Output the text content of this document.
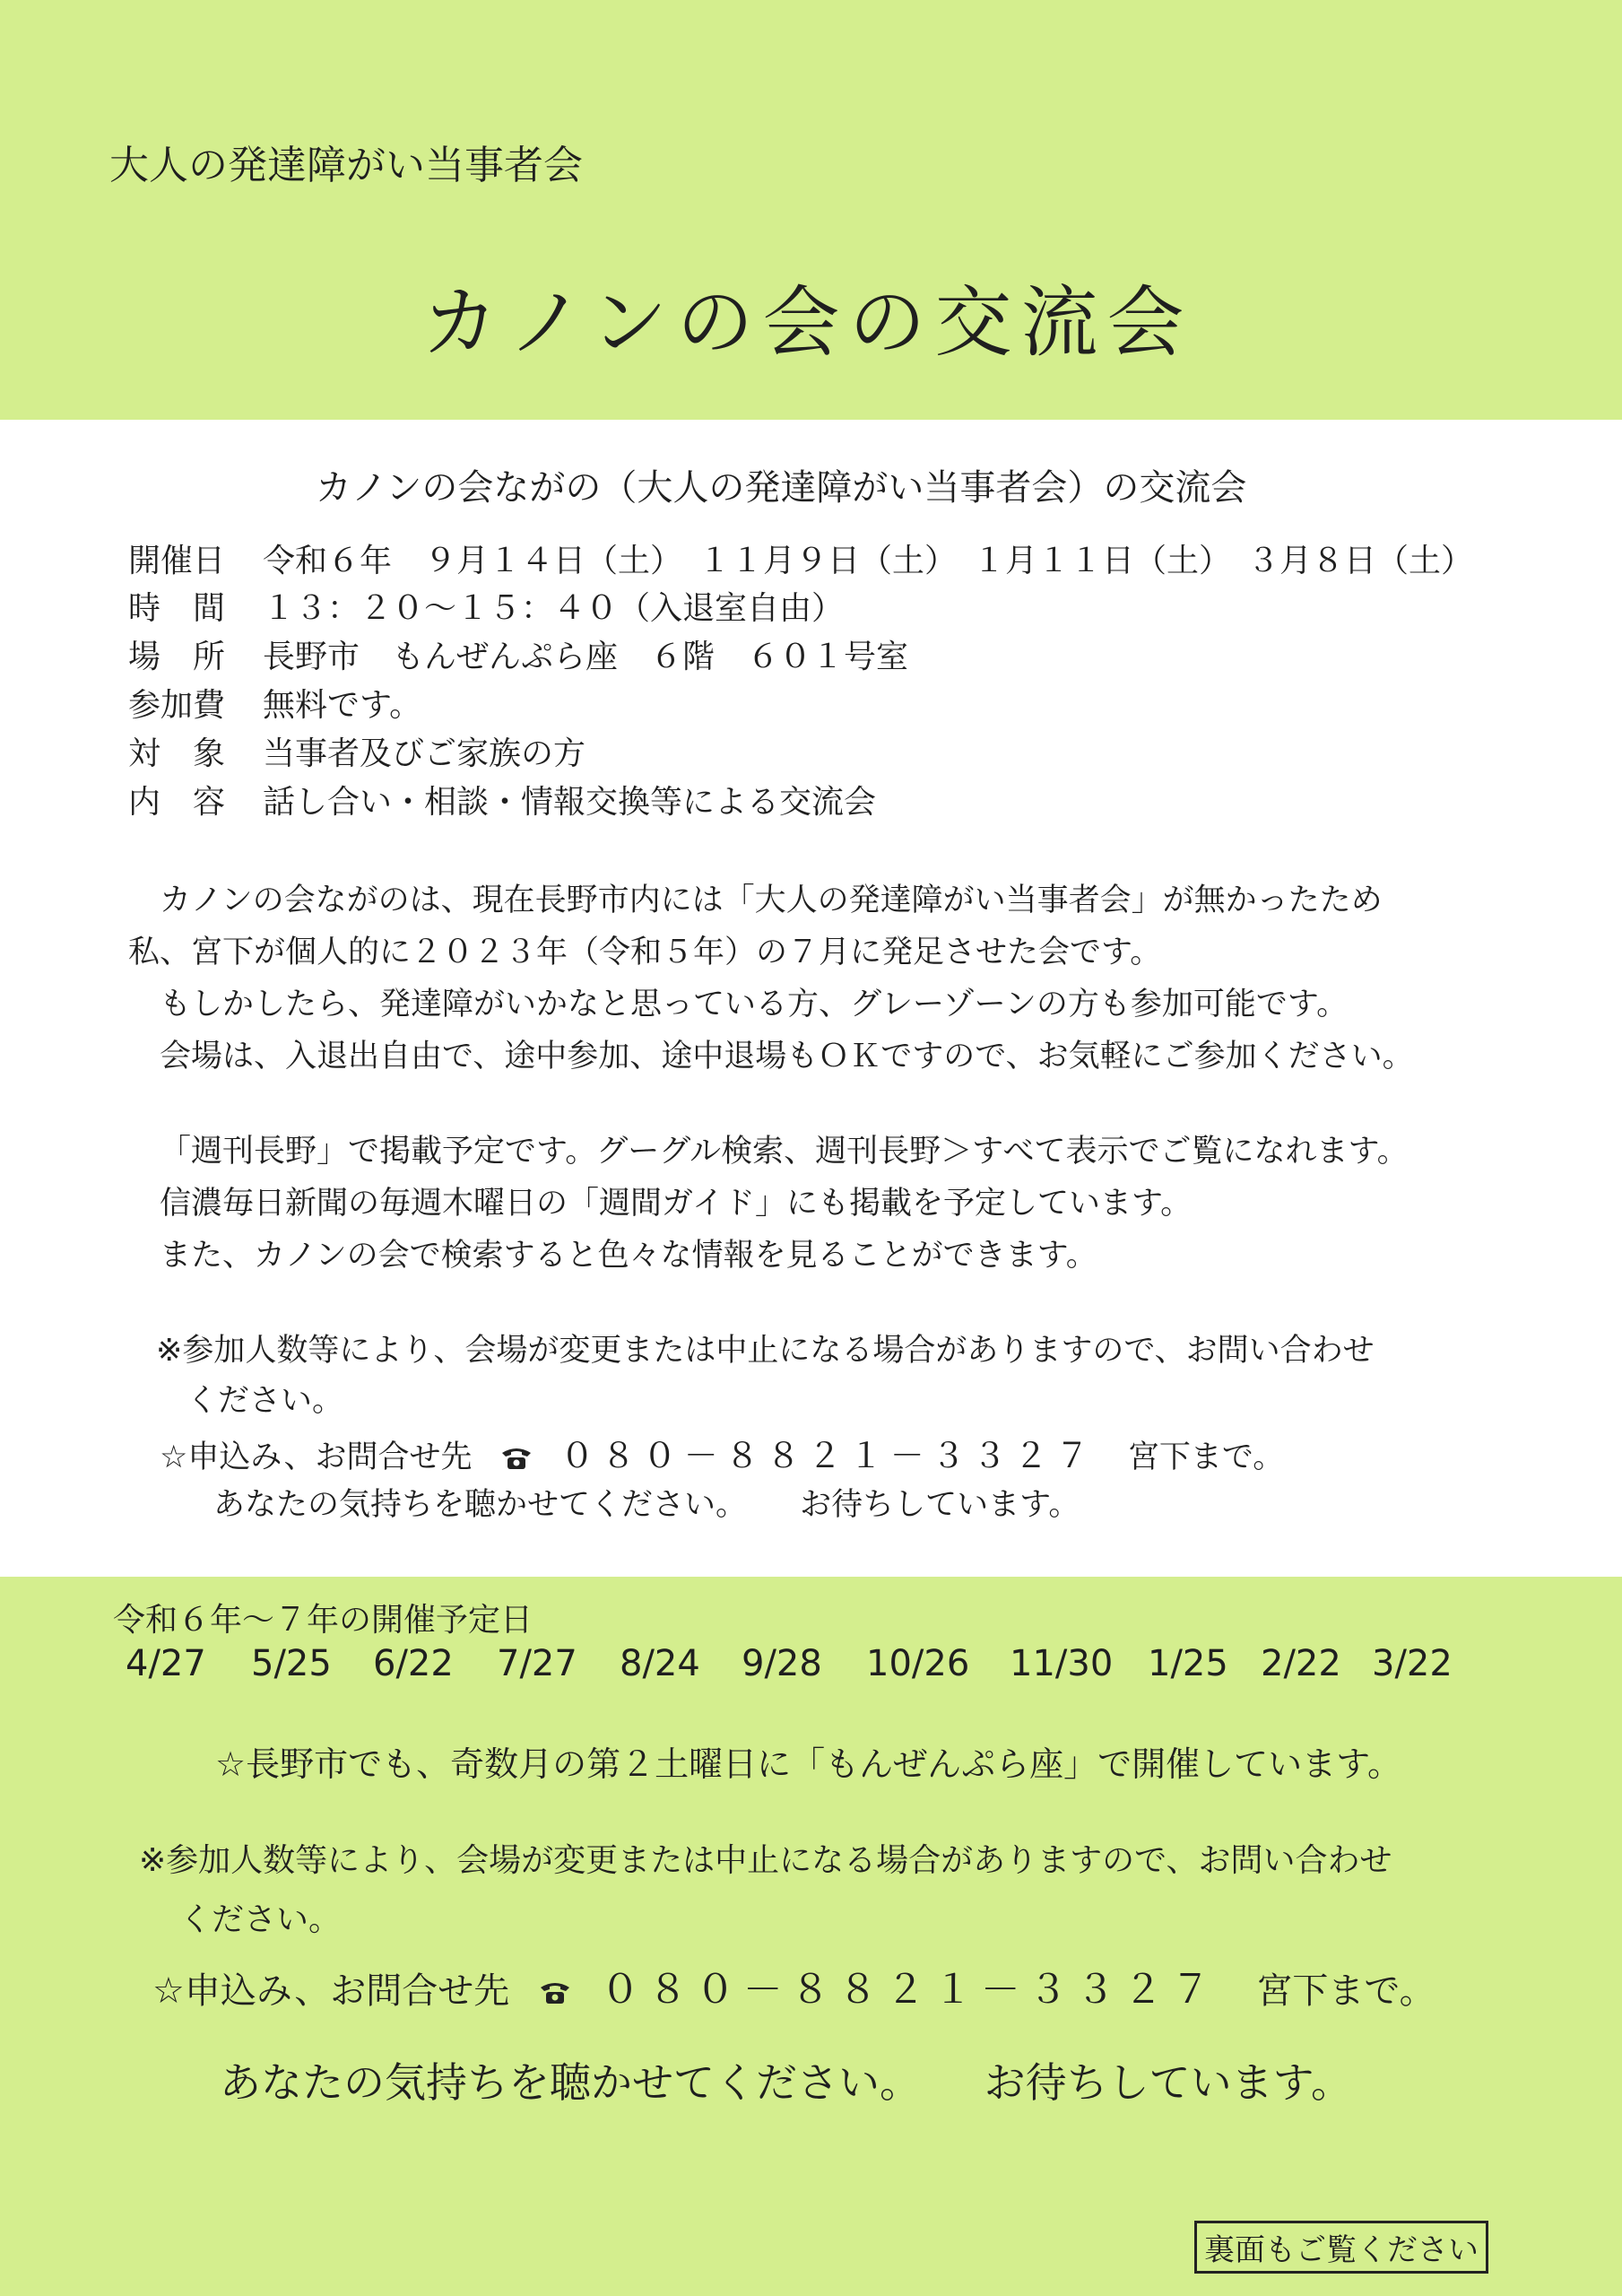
大人の発達障がい当事者会
カノンの会の交流会
カノンの会ながの（大人の発達障がい当事者会）の交流会
開催日 令和６年　９月１４日（土）　１１月９日（土）　１月１１日（土）　３月８日（土）
時　間 １３：２０～１５：４０（入退室自由）
場　所 長野市　もんぜんぷら座　６階　６０１号室
参加費 無料です。
対　象 当事者及びご家族の方
内　容 話し合い・相談・情報交換等による交流会
カノンの会ながのは、現在長野市内には「大人の発達障がい当事者会」が無かったため
私、宮下が個人的に２０２３年（令和５年）の７月に発足させた会です。
もしかしたら、発達障がいかなと思っている方、グレーゾーンの方も参加可能です。
会場は、入退出自由で、途中参加、途中退場もＯＫですので、お気軽にご参加ください。
「週刊長野」で掲載予定です。グーグル検索、週刊長野＞すべて表示でご覧になれます。
信濃毎日新聞の毎週木曜日の「週間ガイド」にも掲載を予定しています。
また、カノンの会で検索すると色々な情報を見ることができます。
※参加人数等により、会場が変更または中止になる場合がありますので、お問い合わせ
ください。
☆申込み、お問合せ先	０８０－８８２１－３３２７ 宮下まで。
あなたの気持ちを聴かせてください。 お待ちしています。
令和６年～７年の開催予定日
4/27 5/25 6/22 7/27 8/24 9/28 10/26 11/30 1/25 2/22 3/22
☆長野市でも、奇数月の第２土曜日に「もんぜんぷら座」で開催しています。
※参加人数等により、会場が変更または中止になる場合がありますので、お問い合わせ
ください。
☆申込み、お問合せ先 ０８０－８８２１－３３２７ 宮下まで。
あなたの気持ちを聴かせてください。 お待ちしています。
裏面もご覧ください
